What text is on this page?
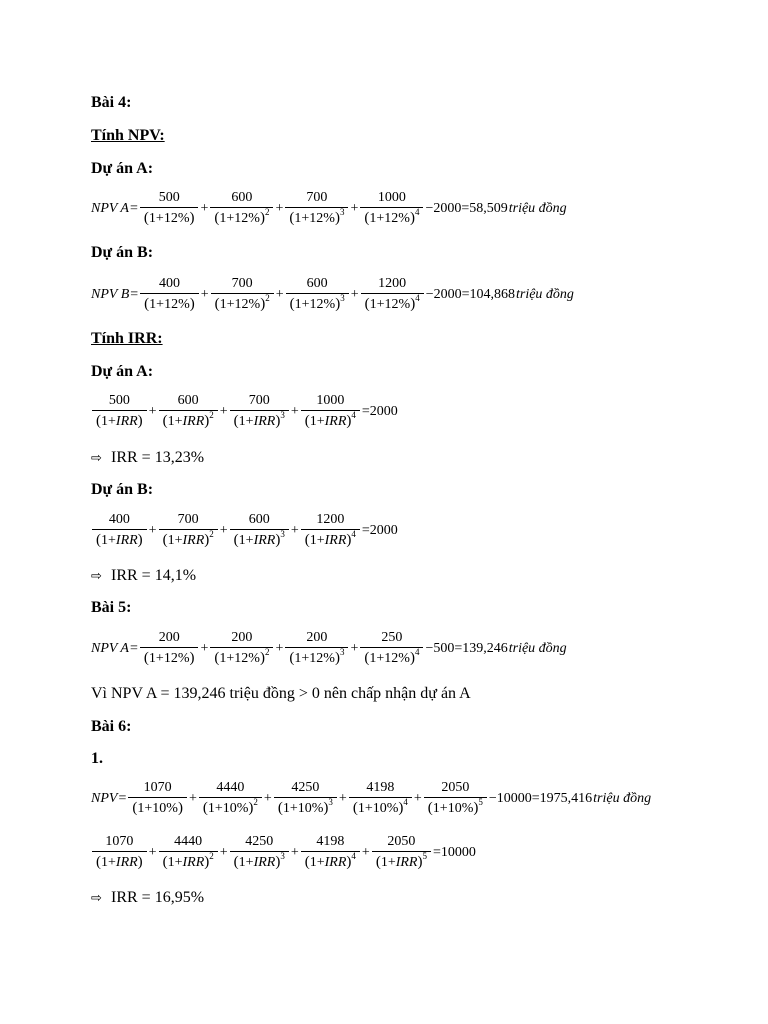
Bài 4:
Tính NPV:
Dự án A:
NPV $A = \frac{500}{(1+12\%)} + \frac{600}{(1+12\%)^2} + \frac{700}{(1+12\%)^3} + \frac{1000}{(1+12\%)^4} -2000=58,509$ triệu đồng
Dự án B:
NPV $B = \frac{400}{(1+12\%)} + \frac{700}{(1+12\%)^2} + \frac{600}{(1+12\%)^3} + \frac{1200}{(1+12\%)^4} -2000=104,868$ triệu đồng
Tính IRR:
Dự án A:
$\frac{500}{\text{(1+IRR)}} + \frac{600}{(1+IRR)^2} + \frac{700}{(1+IRR)^3} + \frac{1000}{(1+IRR)^4} =2000$
⇨ IRR = 13,23%
Dự án B:
$\frac{400}{\text{(1+IRR)}} + \frac{700}{(1+IRR)^2} + \frac{600}{(1+IRR)^3} + \frac{1200}{(1+IRR)^4} =2000$
⇨ IRR = 14,1%
Bài 5:
NPV $A = \frac{200}{(1+12\%)} + \frac{200}{(1+12\%)^2} + \frac{200}{(1+12\%)^3} + \frac{250}{(1+12\%)^4} -500=139,246$ triệu đồng
Vì NPV A = 139,246 triệu đồng > 0 nên chấp nhận dự án A
Bài 6:
1.
NPV = $\frac{1070}{(1+10\%)} + \frac{4440}{(1+10\%)^2} + \frac{4250}{(1+10\%)^3} + \frac{4198}{(1+10\%)^4} + \frac{2050}{(1+10\%)^5} -10000=1975,416$ triệu đồng
$\frac{1070}{\text{(1+IRR)}} + \frac{4440}{(1+IRR)^2} + \frac{4250}{(1+IRR)^3} + \frac{4198}{(1+IRR)^4} + \frac{2050}{(1+IRR)^5} =10000$
⇨ IRR = 16,95%
